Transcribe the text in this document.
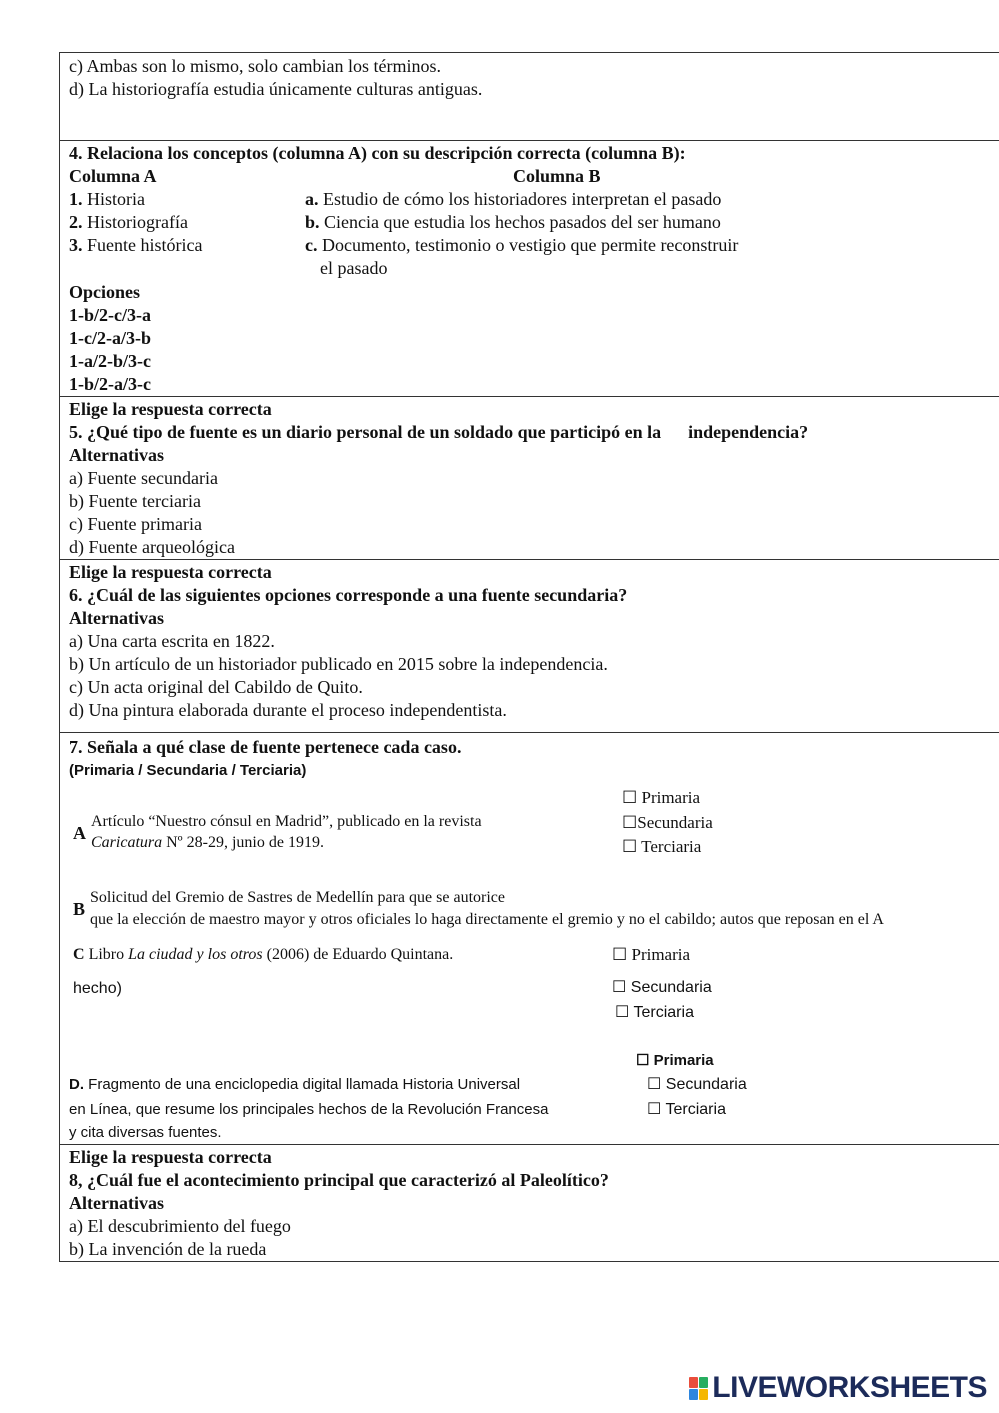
c) Ambas son lo mismo, solo cambian los términos.
d) La historiografía estudia únicamente culturas antiguas.
4. Relaciona los conceptos (columna A) con su descripción correcta (columna B):
Columna A	Columna B
1. Historia
2. Historiografía
3. Fuente histórica
a. Estudio de cómo los historiadores interpretan el pasado
b. Ciencia que estudia los hechos pasados del ser humano
c. Documento, testimonio o vestigio que permite reconstruir
el pasado
Opciones
1-b/2-c/3-a
1-c/2-a/3-b
1-a/2-b/3-c
1-b/2-a/3-c
Elige la respuesta correcta
5. ¿Qué tipo de fuente es un diario personal de un soldado que participó en la independencia?
Alternativas
a) Fuente secundaria
b) Fuente terciaria
c) Fuente primaria
d) Fuente arqueológica
Elige la respuesta correcta
6. ¿Cuál de las siguientes opciones corresponde a una fuente secundaria?
Alternativas
a) Una carta escrita en 1822.
b) Un artículo de un historiador publicado en 2015 sobre la independencia.
c) Un acta original del Cabildo de Quito.
d) Una pintura elaborada durante el proceso independentista.
7. Señala a qué clase de fuente pertenece cada caso.
(Primaria / Secundaria / Terciaria)
A
Artículo “Nuestro cónsul en Madrid”, publicado en la revista
Caricatura Nº 28-29, junio de 1919.
☐ Primaria
☐Secundaria
☐ Terciaria
B
Solicitud del Gremio de Sastres de Medellín para que se autorice
que la elección de maestro mayor y otros oficiales lo haga directamente el gremio y no el cabildo; autos que reposan en el A
C Libro La ciudad y los otros (2006) de Eduardo Quintana.
hecho)
☐ Primaria
☐ Secundaria
☐ Terciaria
D. Fragmento de una enciclopedia digital llamada Historia Universal
en Línea, que resume los principales hechos de la Revolución Francesa
y cita diversas fuentes.
☐ Primaria
☐ Secundaria
☐ Terciaria
Elige la respuesta correcta
8, ¿Cuál fue el acontecimiento principal que caracterizó al Paleolítico?
Alternativas
a) El descubrimiento del fuego
b) La invención de la rueda
LIVEWORKSHEETS
